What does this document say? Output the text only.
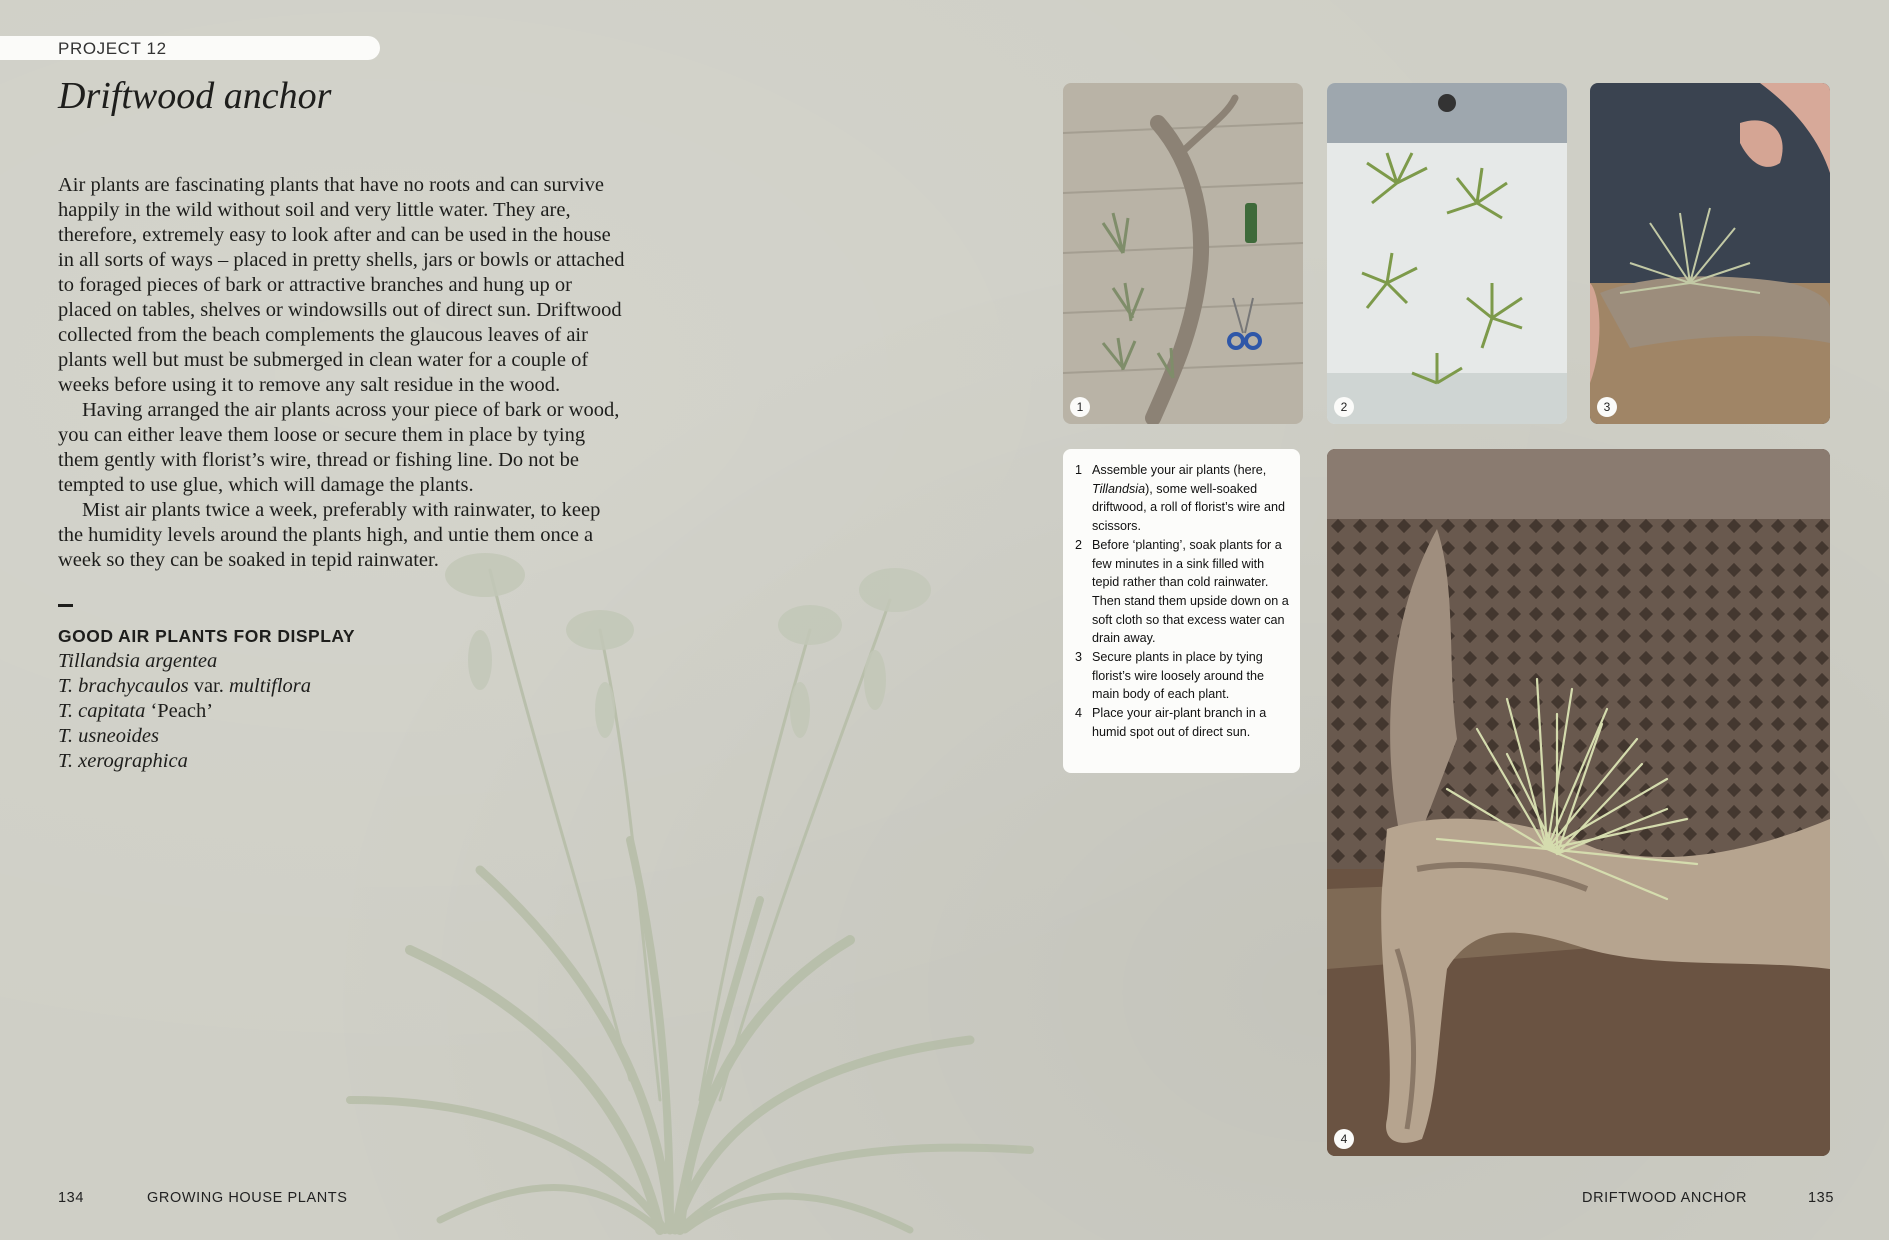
PROJECT 12
Driftwood anchor

Air plants are fascinating plants that have no roots and can survive happily in the wild without soil and very little water. They are, therefore, extremely easy to look after and can be used in the house in all sorts of ways – placed in pretty shells, jars or bowls or attached to foraged pieces of bark or attractive branches and hung up or placed on tables, shelves or windowsills out of direct sun. Driftwood collected from the beach complements the glaucous leaves of air plants well but must be submerged in clean water for a couple of weeks before using it to remove any salt residue in the wood.

Having arranged the air plants across your piece of bark or wood, you can either leave them loose or secure them in place by tying them gently with florist’s wire, thread or fishing line. Do not be tempted to use glue, which will damage the plants.

Mist air plants twice a week, preferably with rainwater, to keep the humidity levels around the plants high, and untie them once a week so they can be soaked in tepid rainwater.

GOOD AIR PLANTS FOR DISPLAY
Tillandsia argentea
T. brachycaulos var. multiflora
T. capitata ‘Peach’
T. usneoides
T. xerographica
134	GROWING HOUSE PLANTS
1	2	3
1 Assemble your air plants (here, Tillandsia), some well-soaked driftwood, a roll of florist’s wire and scissors.
2 Before ‘planting’, soak plants for a few minutes in a sink filled with tepid rather than cold rainwater. Then stand them upside down on a soft cloth so that excess water can drain away.
3 Secure plants in place by tying florist’s wire loosely around the main body of each plant.
4 Place your air-plant branch in a humid spot out of direct sun.
4
DRIFTWOOD ANCHOR	135
